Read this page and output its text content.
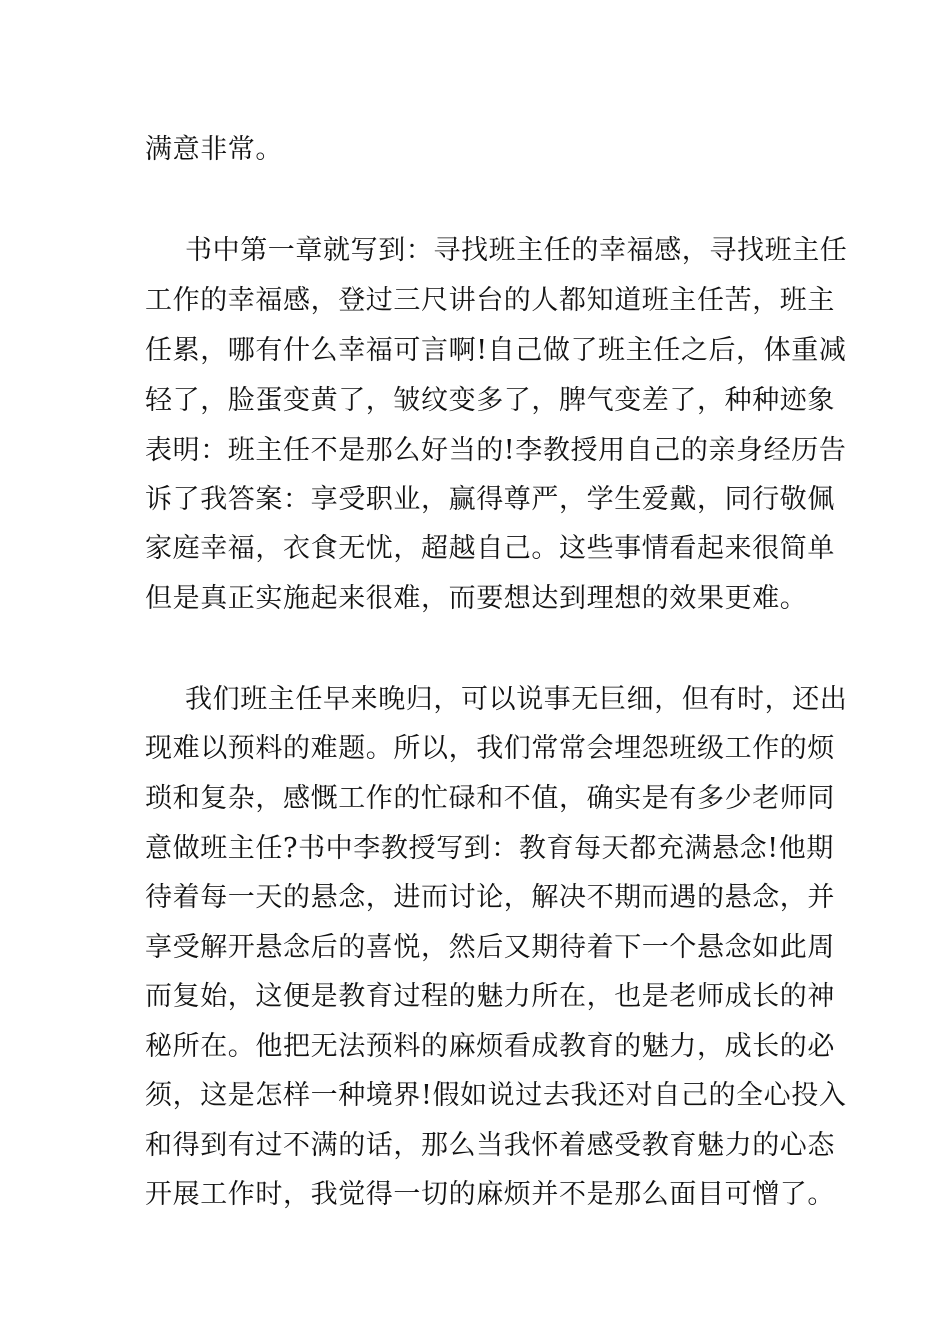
满意非常。
书中第一章就写到：寻找班主任的幸福感，寻找班主任
工作的幸福感，登过三尺讲台的人都知道班主任苦，班主
任累，哪有什么幸福可言啊!自己做了班主任之后，体重减
轻了，脸蛋变黄了，皱纹变多了，脾气变差了，种种迹象
表明：班主任不是那么好当的!李教授用自己的亲身经历告
诉了我答案：享受职业，赢得尊严，学生爱戴，同行敬佩
家庭幸福，衣食无忧，超越自己。这些事情看起来很简单
但是真正实施起来很难，而要想达到理想的效果更难。
我们班主任早来晚归，可以说事无巨细，但有时，还出
现难以预料的难题。所以，我们常常会埋怨班级工作的烦
琐和复杂，感慨工作的忙碌和不值，确实是有多少老师同
意做班主任?书中李教授写到：教育每天都充满悬念!他期
待着每一天的悬念，进而讨论，解决不期而遇的悬念，并
享受解开悬念后的喜悦，然后又期待着下一个悬念如此周
而复始，这便是教育过程的魅力所在，也是老师成长的神
秘所在。他把无法预料的麻烦看成教育的魅力，成长的必
须，这是怎样一种境界!假如说过去我还对自己的全心投入
和得到有过不满的话，那么当我怀着感受教育魅力的心态
开展工作时，我觉得一切的麻烦并不是那么面目可憎了。
